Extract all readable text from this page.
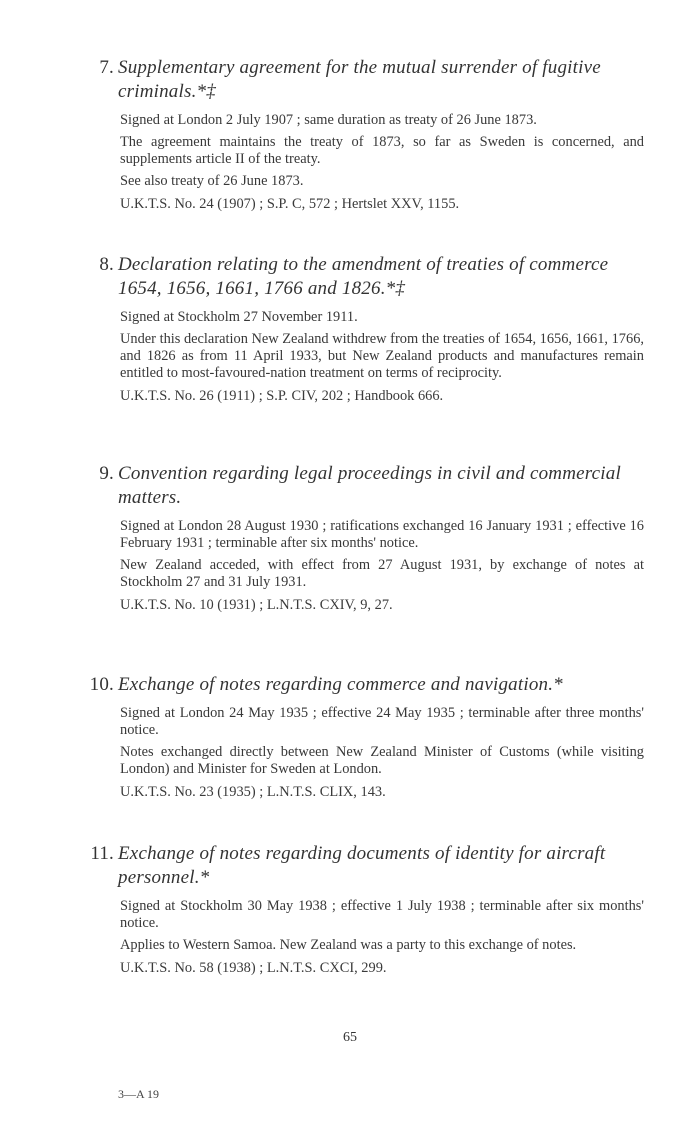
7. Supplementary agreement for the mutual surrender of fugitive criminals.*‡

Signed at London 2 July 1907 ; same duration as treaty of 26 June 1873.

The agreement maintains the treaty of 1873, so far as Sweden is concerned, and supplements article II of the treaty.

See also treaty of 26 June 1873.

U.K.T.S. No. 24 (1907) ; S.P. C, 572 ; Hertslet XXV, 1155.
8. Declaration relating to the amendment of treaties of commerce 1654, 1656, 1661, 1766 and 1826.*‡

Signed at Stockholm 27 November 1911.

Under this declaration New Zealand withdrew from the treaties of 1654, 1656, 1661, 1766, and 1826 as from 11 April 1933, but New Zealand products and manufactures remain entitled to most-favoured-nation treatment on terms of reciprocity.

U.K.T.S. No. 26 (1911) ; S.P. CIV, 202 ; Handbook 666.
9. Convention regarding legal proceedings in civil and commercial matters.

Signed at London 28 August 1930 ; ratifications exchanged 16 January 1931 ; effective 16 February 1931 ; terminable after six months' notice.

New Zealand acceded, with effect from 27 August 1931, by exchange of notes at Stockholm 27 and 31 July 1931.

U.K.T.S. No. 10 (1931) ; L.N.T.S. CXIV, 9, 27.
10. Exchange of notes regarding commerce and navigation.*

Signed at London 24 May 1935 ; effective 24 May 1935 ; terminable after three months' notice.

Notes exchanged directly between New Zealand Minister of Customs (while visiting London) and Minister for Sweden at London.

U.K.T.S. No. 23 (1935) ; L.N.T.S. CLIX, 143.
11. Exchange of notes regarding documents of identity for aircraft personnel.*

Signed at Stockholm 30 May 1938 ; effective 1 July 1938 ; terminable after six months' notice.

Applies to Western Samoa. New Zealand was a party to this exchange of notes.

U.K.T.S. No. 58 (1938) ; L.N.T.S. CXCI, 299.
65
3—A 19
